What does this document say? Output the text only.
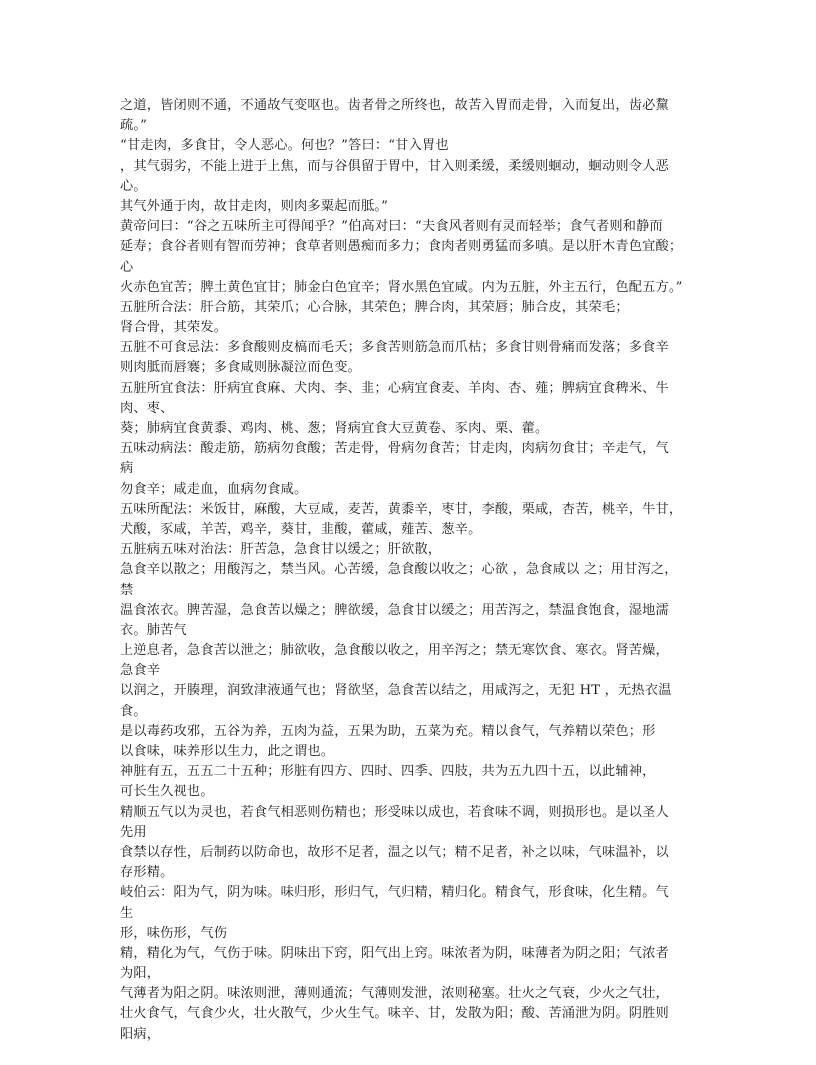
之道，皆闭则不通，不通故气变呕也。齿者骨之所终也，故苦入胃而走骨，入而复出，齿必黧
疏。”
“甘走肉，多食甘，令人恶心。何也？”答曰：“甘入胃也
，其气弱劣，不能上进于上焦，而与谷俱留于胃中，甘入则柔缓，柔缓则蛔动，蛔动则令人恶
心。
其气外通于肉，故甘走肉，则肉多粟起而胝。”
黄帝问曰：“谷之五味所主可得闻乎？”伯高对曰：“夫食风者则有灵而轻举；食气者则和静而
延寿；食谷者则有智而劳神；食草者则愚痴而多力；食肉者则勇猛而多嗔。是以肝木青色宜酸；
心
火赤色宜苦；脾土黄色宜甘；肺金白色宜辛；肾水黑色宜咸。内为五脏，外主五行，色配五方。”
五脏所合法：肝合筋，其荣爪；心合脉，其荣色；脾合肉，其荣唇；肺合皮，其荣毛；
肾合骨，其荣发。
五脏不可食忌法：多食酸则皮槁而毛夭；多食苦则筋急而爪枯；多食甘则骨痛而发落；多食辛
则肉胝而唇褰；多食咸则脉凝泣而色变。
五脏所宜食法：肝病宜食麻、犬肉、李、韭；心病宜食麦、羊肉、杏、薤；脾病宜食稗米、牛
肉、枣、
葵；肺病宜食黄黍、鸡肉、桃、葱；肾病宜食大豆黄卷、豕肉、栗、藿。
五味动病法：酸走筋，筋病勿食酸；苦走骨，骨病勿食苦；甘走肉，肉病勿食甘；辛走气，气
病
勿食辛；咸走血，血病勿食咸。
五味所配法：米饭甘，麻酸，大豆咸，麦苦，黄黍辛，枣甘，李酸，栗咸，杏苦，桃辛，牛甘，
犬酸，豕咸，羊苦，鸡辛，葵甘，韭酸，藿咸，薤苦、葱辛。
五脏病五味对治法：肝苦急，急食甘以缓之；肝欲散，
急食辛以散之；用酸泻之，禁当风。心苦缓，急食酸以收之；心欲 ，急食咸以 之；用甘泻之，
禁
温食浓衣。脾苦湿，急食苦以燥之；脾欲缓，急食甘以缓之；用苦泻之，禁温食饱食，湿地濡
衣。肺苦气
上逆息者，急食苦以泄之；肺欲收，急食酸以收之，用辛泻之；禁无寒饮食、寒衣。肾苦燥，
急食辛
以润之，开腠理，润致津液通气也；肾欲坚，急食苦以结之，用咸泻之，无犯 HT ，无热衣温
食。
是以毒药攻邪，五谷为养，五肉为益，五果为助，五菜为充。精以食气，气养精以荣色；形
以食味，味养形以生力，此之谓也。
神脏有五，五五二十五种；形脏有四方、四时、四季、四肢，共为五九四十五，以此辅神，
可长生久视也。
精顺五气以为灵也，若食气相恶则伤精也；形受味以成也，若食味不调，则损形也。是以圣人
先用
食禁以存性，后制药以防命也，故形不足者，温之以气；精不足者，补之以味，气味温补，以
存形精。
岐伯云：阳为气，阴为味。味归形，形归气，气归精，精归化。精食气，形食味，化生精。气
生
形，味伤形，气伤
精，精化为气，气伤于味。阴味出下窍，阳气出上窍。味浓者为阴，味薄者为阴之阳；气浓者
为阳，
气薄者为阳之阴。味浓则泄，薄则通流；气薄则发泄，浓则秘塞。壮火之气衰，少火之气壮，
壮火食气，气食少火，壮火散气，少火生气。味辛、甘，发散为阳；酸、苦涌泄为阴。阴胜则
阳病，
